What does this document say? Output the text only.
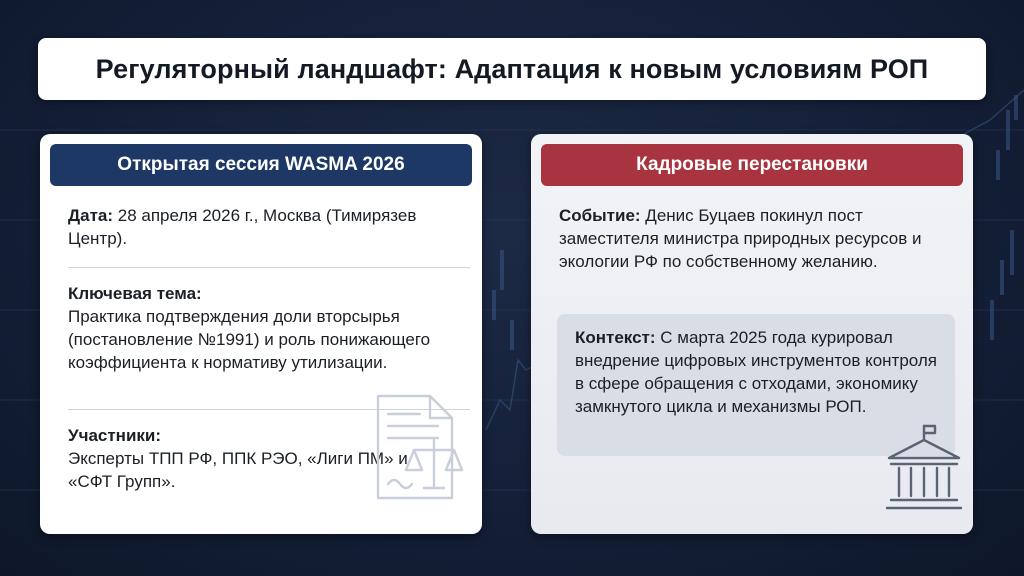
Регуляторный ландшафт: Адаптация к новым условиям РОП
Открытая сессия WASMA 2026
Дата: 28 апреля 2026 г., Москва (Тимирязев Центр).
Ключевая тема:
Практика подтверждения доли вторсырья (постановление №1991) и роль понижающего коэффициента к нормативу утилизации.
Участники:
Эксперты ТПП РФ, ППК РЭО, «Лиги ПМ» и «СФТ Групп».
Кадровые перестановки
Событие: Денис Буцаев покинул пост заместителя министра природных ресурсов и экологии РФ по собственному желанию.
Контекст: С марта 2025 года курировал внедрение цифровых инструментов контроля в сфере обращения с отходами, экономику замкнутого цикла и механизмы РОП.
